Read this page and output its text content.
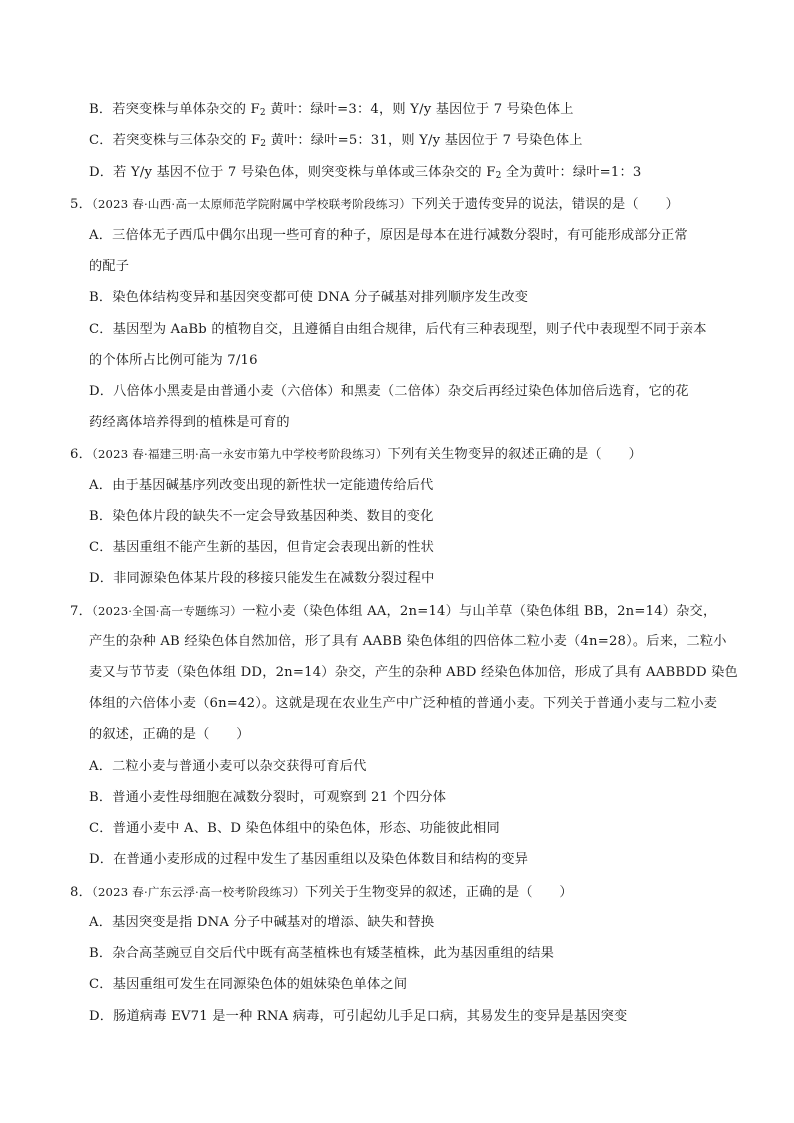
B．若突变株与单体杂交的 $F_2$ 黄叶：绿叶=3：4，则 Y/y 基因位于 7 号染色体上
C．若突变株与三体杂交的 $F_2$ 黄叶：绿叶=5：31，则 Y/y 基因位于 7 号染色体上
D．若 Y/y 基因不位于 7 号染色体，则突变株与单体或三体杂交的 $F_2$ 全为黄叶：绿叶=1：3
5．（2023 春·山西·高一太原师范学院附属中学校联考阶段练习）下列关于遗传变异的说法，错误的是（　　）
A．三倍体无子西瓜中偶尔出现一些可育的种子，原因是母本在进行减数分裂时，有可能形成部分正常
的配子
B．染色体结构变异和基因突变都可使 DNA 分子碱基对排列顺序发生改变
C．基因型为 AaBb 的植物自交，且遵循自由组合规律，后代有三种表现型，则子代中表现型不同于亲本
的个体所占比例可能为 7/16
D．八倍体小黑麦是由普通小麦（六倍体）和黑麦（二倍体）杂交后再经过染色体加倍后选育，它的花
药经离体培养得到的植株是可育的
6．（2023 春·福建三明·高一永安市第九中学校考阶段练习）下列有关生物变异的叙述正确的是（　　）
A．由于基因碱基序列改变出现的新性状一定能遗传给后代
B．染色体片段的缺失不一定会导致基因种类、数目的变化
C．基因重组不能产生新的基因，但肯定会表现出新的性状
D．非同源染色体某片段的移接只能发生在减数分裂过程中
7．（2023·全国·高一专题练习）一粒小麦（染色体组 AA，2n=14）与山羊草（染色体组 BB，2n=14）杂交，
产生的杂种 AB 经染色体自然加倍，形了具有 AABB 染色体组的四倍体二粒小麦（4n=28）。后来，二粒小
麦又与节节麦（染色体组 DD，2n=14）杂交，产生的杂种 ABD 经染色体加倍，形成了具有 AABBDD 染色
体组的六倍体小麦（6n=42）。这就是现在农业生产中广泛种植的普通小麦。下列关于普通小麦与二粒小麦
的叙述，正确的是（　　）
A．二粒小麦与普通小麦可以杂交获得可育后代
B．普通小麦性母细胞在减数分裂时，可观察到 21 个四分体
C．普通小麦中 A、B、D 染色体组中的染色体，形态、功能彼此相同
D．在普通小麦形成的过程中发生了基因重组以及染色体数目和结构的变异
8．（2023 春·广东云浮·高一校考阶段练习）下列关于生物变异的叙述，正确的是（　　）
A．基因突变是指 DNA 分子中碱基对的增添、缺失和替换
B．杂合高茎豌豆自交后代中既有高茎植株也有矮茎植株，此为基因重组的结果
C．基因重组可发生在同源染色体的姐妹染色单体之间
D．肠道病毒 EV71 是一种 RNA 病毒，可引起幼儿手足口病，其易发生的变异是基因突变
